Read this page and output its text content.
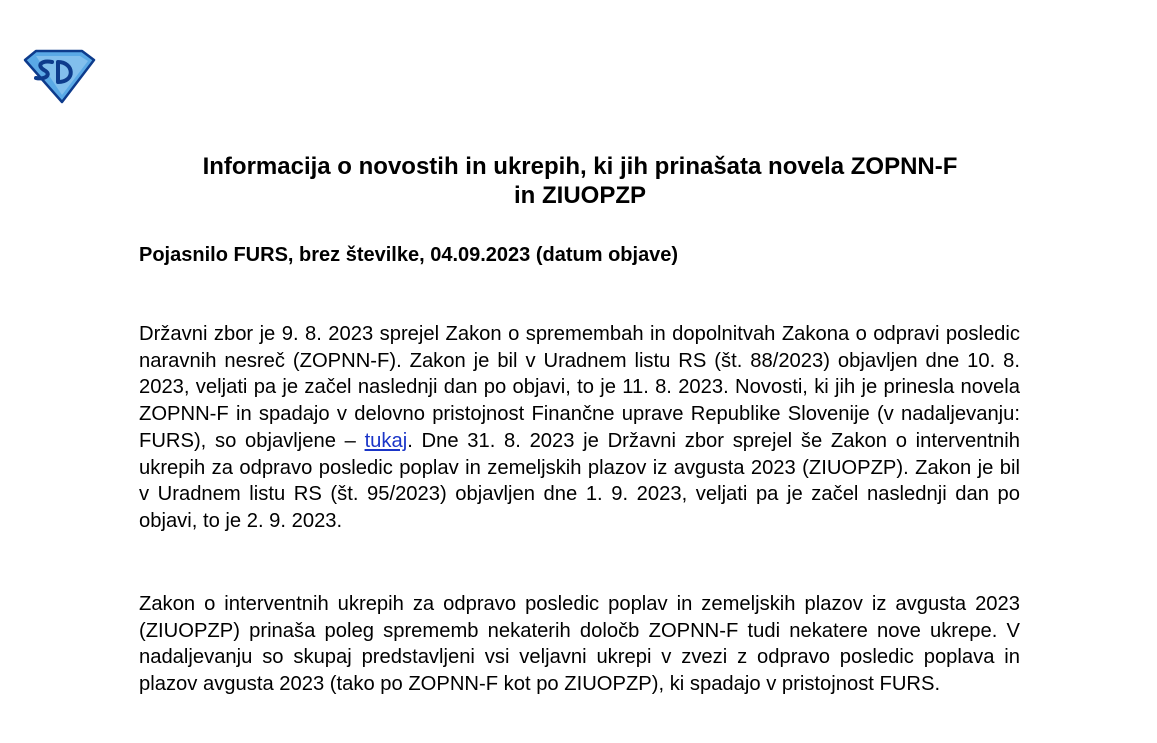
Informacija o novostih in ukrepih, ki jih prinašata novela ZOPNN-F
in ZIUOPZP
Pojasnilo FURS, brez številke, 04.09.2023 (datum objave)

Državni zbor je 9. 8. 2023 sprejel Zakon o spremembah in dopolnitvah Zakona o odpravi posledic naravnih nesreč (ZOPNN-F). Zakon je bil v Uradnem listu RS (št. 88/2023) objavljen dne 10. 8. 2023, veljati pa je začel naslednji dan po objavi, to je 11. 8. 2023. Novosti, ki jih je prinesla novela ZOPNN-F in spadajo v delovno pristojnost Finančne uprave Republike Slovenije (v nadaljevanju: FURS), so objavljene – tukaj. Dne 31. 8. 2023 je Državni zbor sprejel še Zakon o interventnih ukrepih za odpravo posledic poplav in zemeljskih plazov iz avgusta 2023 (ZIUOPZP). Zakon je bil v Uradnem listu RS (št. 95/2023) objavljen dne 1. 9. 2023, veljati pa je začel naslednji dan po objavi, to je 2. 9. 2023.

Zakon o interventnih ukrepih za odpravo posledic poplav in zemeljskih plazov iz avgusta 2023 (ZIUOPZP) prinaša poleg sprememb nekaterih določb ZOPNN-F tudi nekatere nove ukrepe. V nadaljevanju so skupaj predstavljeni vsi veljavni ukrepi v zvezi z odpravo posledic poplava in plazov avgusta 2023 (tako po ZOPNN-F kot po ZIUOPZP), ki spadajo v pristojnost FURS.
